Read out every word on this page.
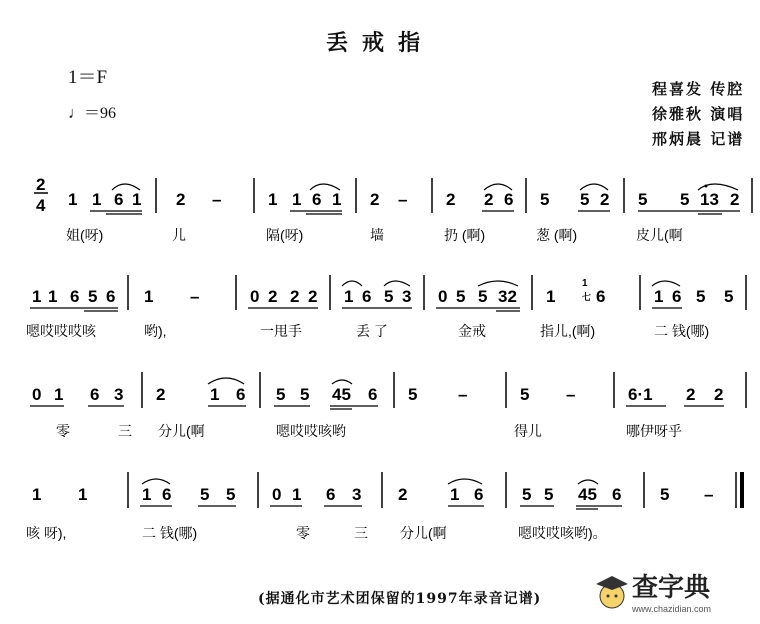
丢戒指
1＝F
♩＝96
程喜发 传腔
徐雅秋 演唱
邢炳晨 记谱
2
4 1 1 6 1 2 –	1 1 6 1 2 – 2 2 6 5 5 2 5 5 13 2
姐(呀)	儿	隔(呀)	墙	扔 (啊)	葱 (啊)	皮儿(啊
1 1 6 5 6 1 –	0 2 2 2 1 6 5 3 0 5 5 32 1
1
七 6	1 6 5 5
嗯哎哎哎咳	哟),	一甩手	丢 了	金戒	指儿,(啊)	二 钱(哪)
0 1 6 3 2	1 6 5 5 45 6 5 –	5 –	6·1 2 2
零	三 分儿(啊	嗯哎哎咳哟	得儿	哪伊呀乎
1 1	1 6 5 5 0 1 6 3 2	1 6 5 5 45 6 5 –
咳 呀),	二 钱(哪)	零	三 分儿(啊	嗯哎哎咳哟)。
(据通化市艺术团保留的1997年录音记谱)	查字典
www.chazidian.com
